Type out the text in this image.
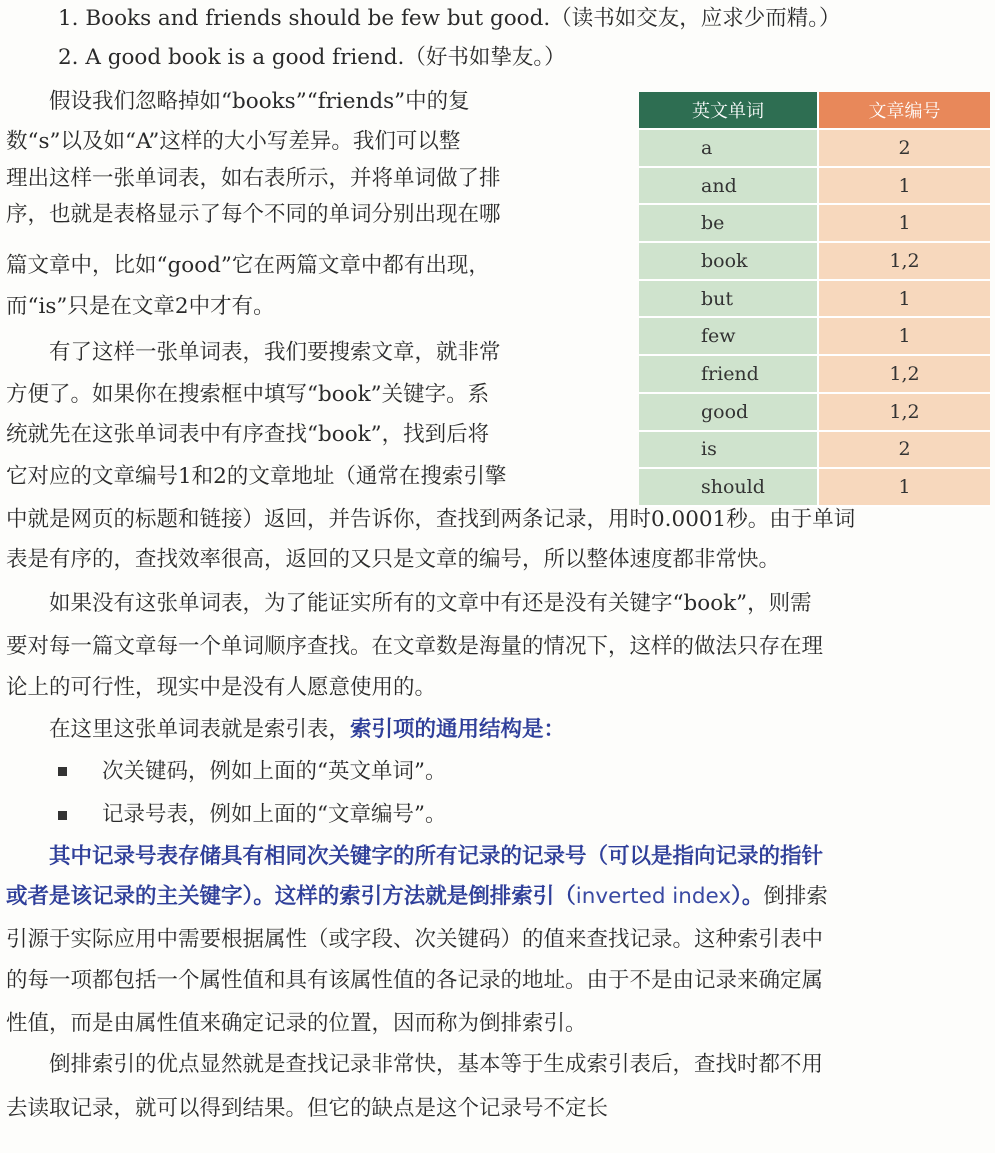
1. Books and friends should be few but good.（读书如交友，应求少而精。）
2. A good book is a good friend.（好书如挚友。）
　　假设我们忽略掉如“books”“friends”中的复
数“s”以及如“A”这样的大小写差异。我们可以整
理出这样一张单词表，如右表所示，并将单词做了排
序，也就是表格显示了每个不同的单词分别出现在哪
篇文章中，比如“good”它在两篇文章中都有出现，
而“is”只是在文章2中才有。
　　有了这样一张单词表，我们要搜索文章，就非常
方便了。如果你在搜索框中填写“book”关键字。系
统就先在这张单词表中有序查找“book”，找到后将
它对应的文章编号1和2的文章地址（通常在搜索引擎
中就是网页的标题和链接）返回，并告诉你，查找到两条记录，用时0.0001秒。由于单词
表是有序的，查找效率很高，返回的又只是文章的编号，所以整体速度都非常快。
　　如果没有这张单词表，为了能证实所有的文章中有还是没有关键字“book”，则需
要对每一篇文章每一个单词顺序查找。在文章数是海量的情况下，这样的做法只存在理
论上的可行性，现实中是没有人愿意使用的。
　　在这里这张单词表就是索引表，索引项的通用结构是：
次关键码，例如上面的“英文单词”。
记录号表，例如上面的“文章编号”。
　　其中记录号表存储具有相同次关键字的所有记录的记录号（可以是指向记录的指针
或者是该记录的主关键字）。这样的索引方法就是倒排索引（inverted index）。倒排索
引源于实际应用中需要根据属性（或字段、次关键码）的值来查找记录。这种索引表中
的每一项都包括一个属性值和具有该属性值的各记录的地址。由于不是由记录来确定属
性值，而是由属性值来确定记录的位置，因而称为倒排索引。
　　倒排索引的优点显然就是查找记录非常快，基本等于生成索引表后，查找时都不用
去读取记录，就可以得到结果。但它的缺点是这个记录号不定长
英文单词	文章编号
a	2
and	1
be	1
book	1,2
but	1
few	1
friend	1,2
good	1,2
is	2
should	1
